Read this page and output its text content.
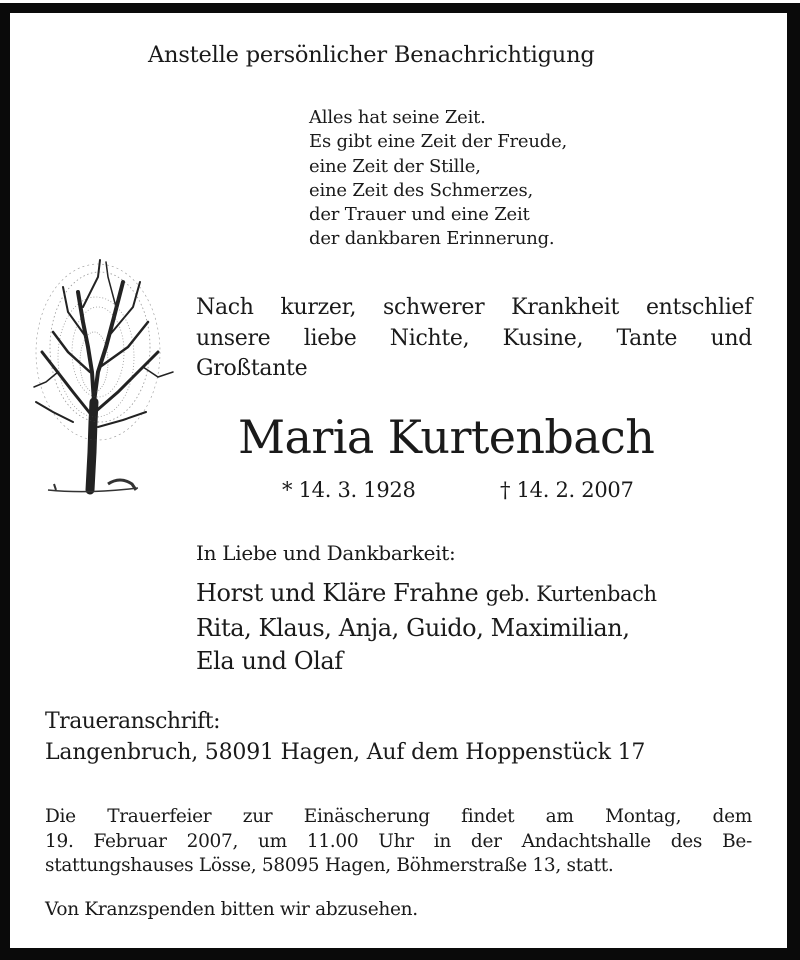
Anstelle persönlicher Benachrichtigung
Alles hat seine Zeit.
Es gibt eine Zeit der Freude,
eine Zeit der Stille,
eine Zeit des Schmerzes,
der Trauer und eine Zeit
der dankbaren Erinnerung.
Nach kurzer, schwerer Krankheit entschlief
unsere liebe Nichte, Kusine, Tante und
Großtante
Maria Kurtenbach
* 14. 3. 1928	† 14. 2. 2007
In Liebe und Dankbarkeit:
Horst und Kläre Frahne geb. Kurtenbach
Rita, Klaus, Anja, Guido, Maximilian,
Ela und Olaf
Traueranschrift:
Langenbruch, 58091 Hagen, Auf dem Hoppenstück 17
Die Trauerfeier zur Einäscherung findet am Montag, dem
19. Februar 2007, um 11.00 Uhr in der Andachtshalle des Be-
stattungshauses Lösse, 58095 Hagen, Böhmerstraße 13, statt.
Von Kranzspenden bitten wir abzusehen.
